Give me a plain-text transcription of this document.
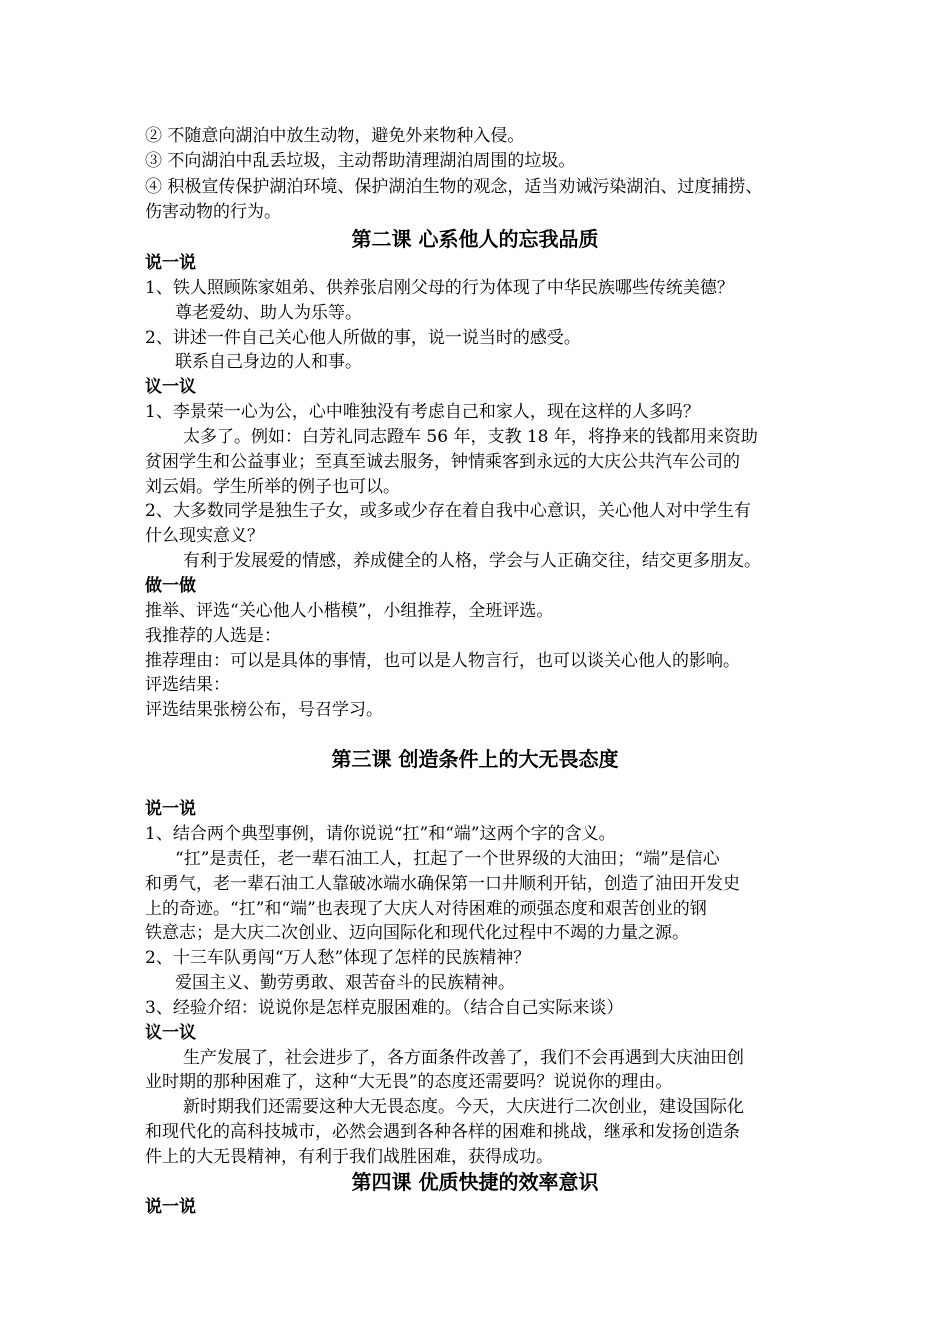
② 不随意向湖泊中放生动物，避免外来物种入侵。
③ 不向湖泊中乱丢垃圾，主动帮助清理湖泊周围的垃圾。
④ 积极宣传保护湖泊环境、保护湖泊生物的观念，适当劝诫污染湖泊、过度捕捞、
伤害动物的行为。
第二课 心系他人的忘我品质
说一说
1、铁人照顾陈家姐弟、供养张启刚父母的行为体现了中华民族哪些传统美德？
尊老爱幼、助人为乐等。
2、讲述一件自己关心他人所做的事，说一说当时的感受。
联系自己身边的人和事。
议一议
1、李景荣一心为公，心中唯独没有考虑自己和家人，现在这样的人多吗？
太多了。例如：白芳礼同志蹬车 56 年，支教 18 年，将挣来的钱都用来资助
贫困学生和公益事业；至真至诚去服务，钟情乘客到永远的大庆公共汽车公司的
刘云娟。学生所举的例子也可以。
2、大多数同学是独生子女，或多或少存在着自我中心意识，关心他人对中学生有
什么现实意义？
有利于发展爱的情感，养成健全的人格，学会与人正确交往，结交更多朋友。
做一做
推举、评选“关心他人小楷模”，小组推荐，全班评选。
我推荐的人选是：
推荐理由：可以是具体的事情，也可以是人物言行，也可以谈关心他人的影响。
评选结果：
评选结果张榜公布，号召学习。
第三课 创造条件上的大无畏态度
说一说
1、结合两个典型事例，请你说说“扛”和“端”这两个字的含义。
“扛”是责任，老一辈石油工人，扛起了一个世界级的大油田；“端”是信心
和勇气，老一辈石油工人靠破冰端水确保第一口井顺利开钻，创造了油田开发史
上的奇迹。“扛”和“端”也表现了大庆人对待困难的顽强态度和艰苦创业的钢
铁意志；是大庆二次创业、迈向国际化和现代化过程中不竭的力量之源。
2、十三车队勇闯“万人愁”体现了怎样的民族精神？
爱国主义、勤劳勇敢、艰苦奋斗的民族精神。
3、经验介绍：说说你是怎样克服困难的。（结合自己实际来谈）
议一议
生产发展了，社会进步了，各方面条件改善了，我们不会再遇到大庆油田创
业时期的那种困难了，这种“大无畏”的态度还需要吗？说说你的理由。
新时期我们还需要这种大无畏态度。今天，大庆进行二次创业，建设国际化
和现代化的高科技城市，必然会遇到各种各样的困难和挑战，继承和发扬创造条
件上的大无畏精神，有利于我们战胜困难，获得成功。
第四课 优质快捷的效率意识
说一说
